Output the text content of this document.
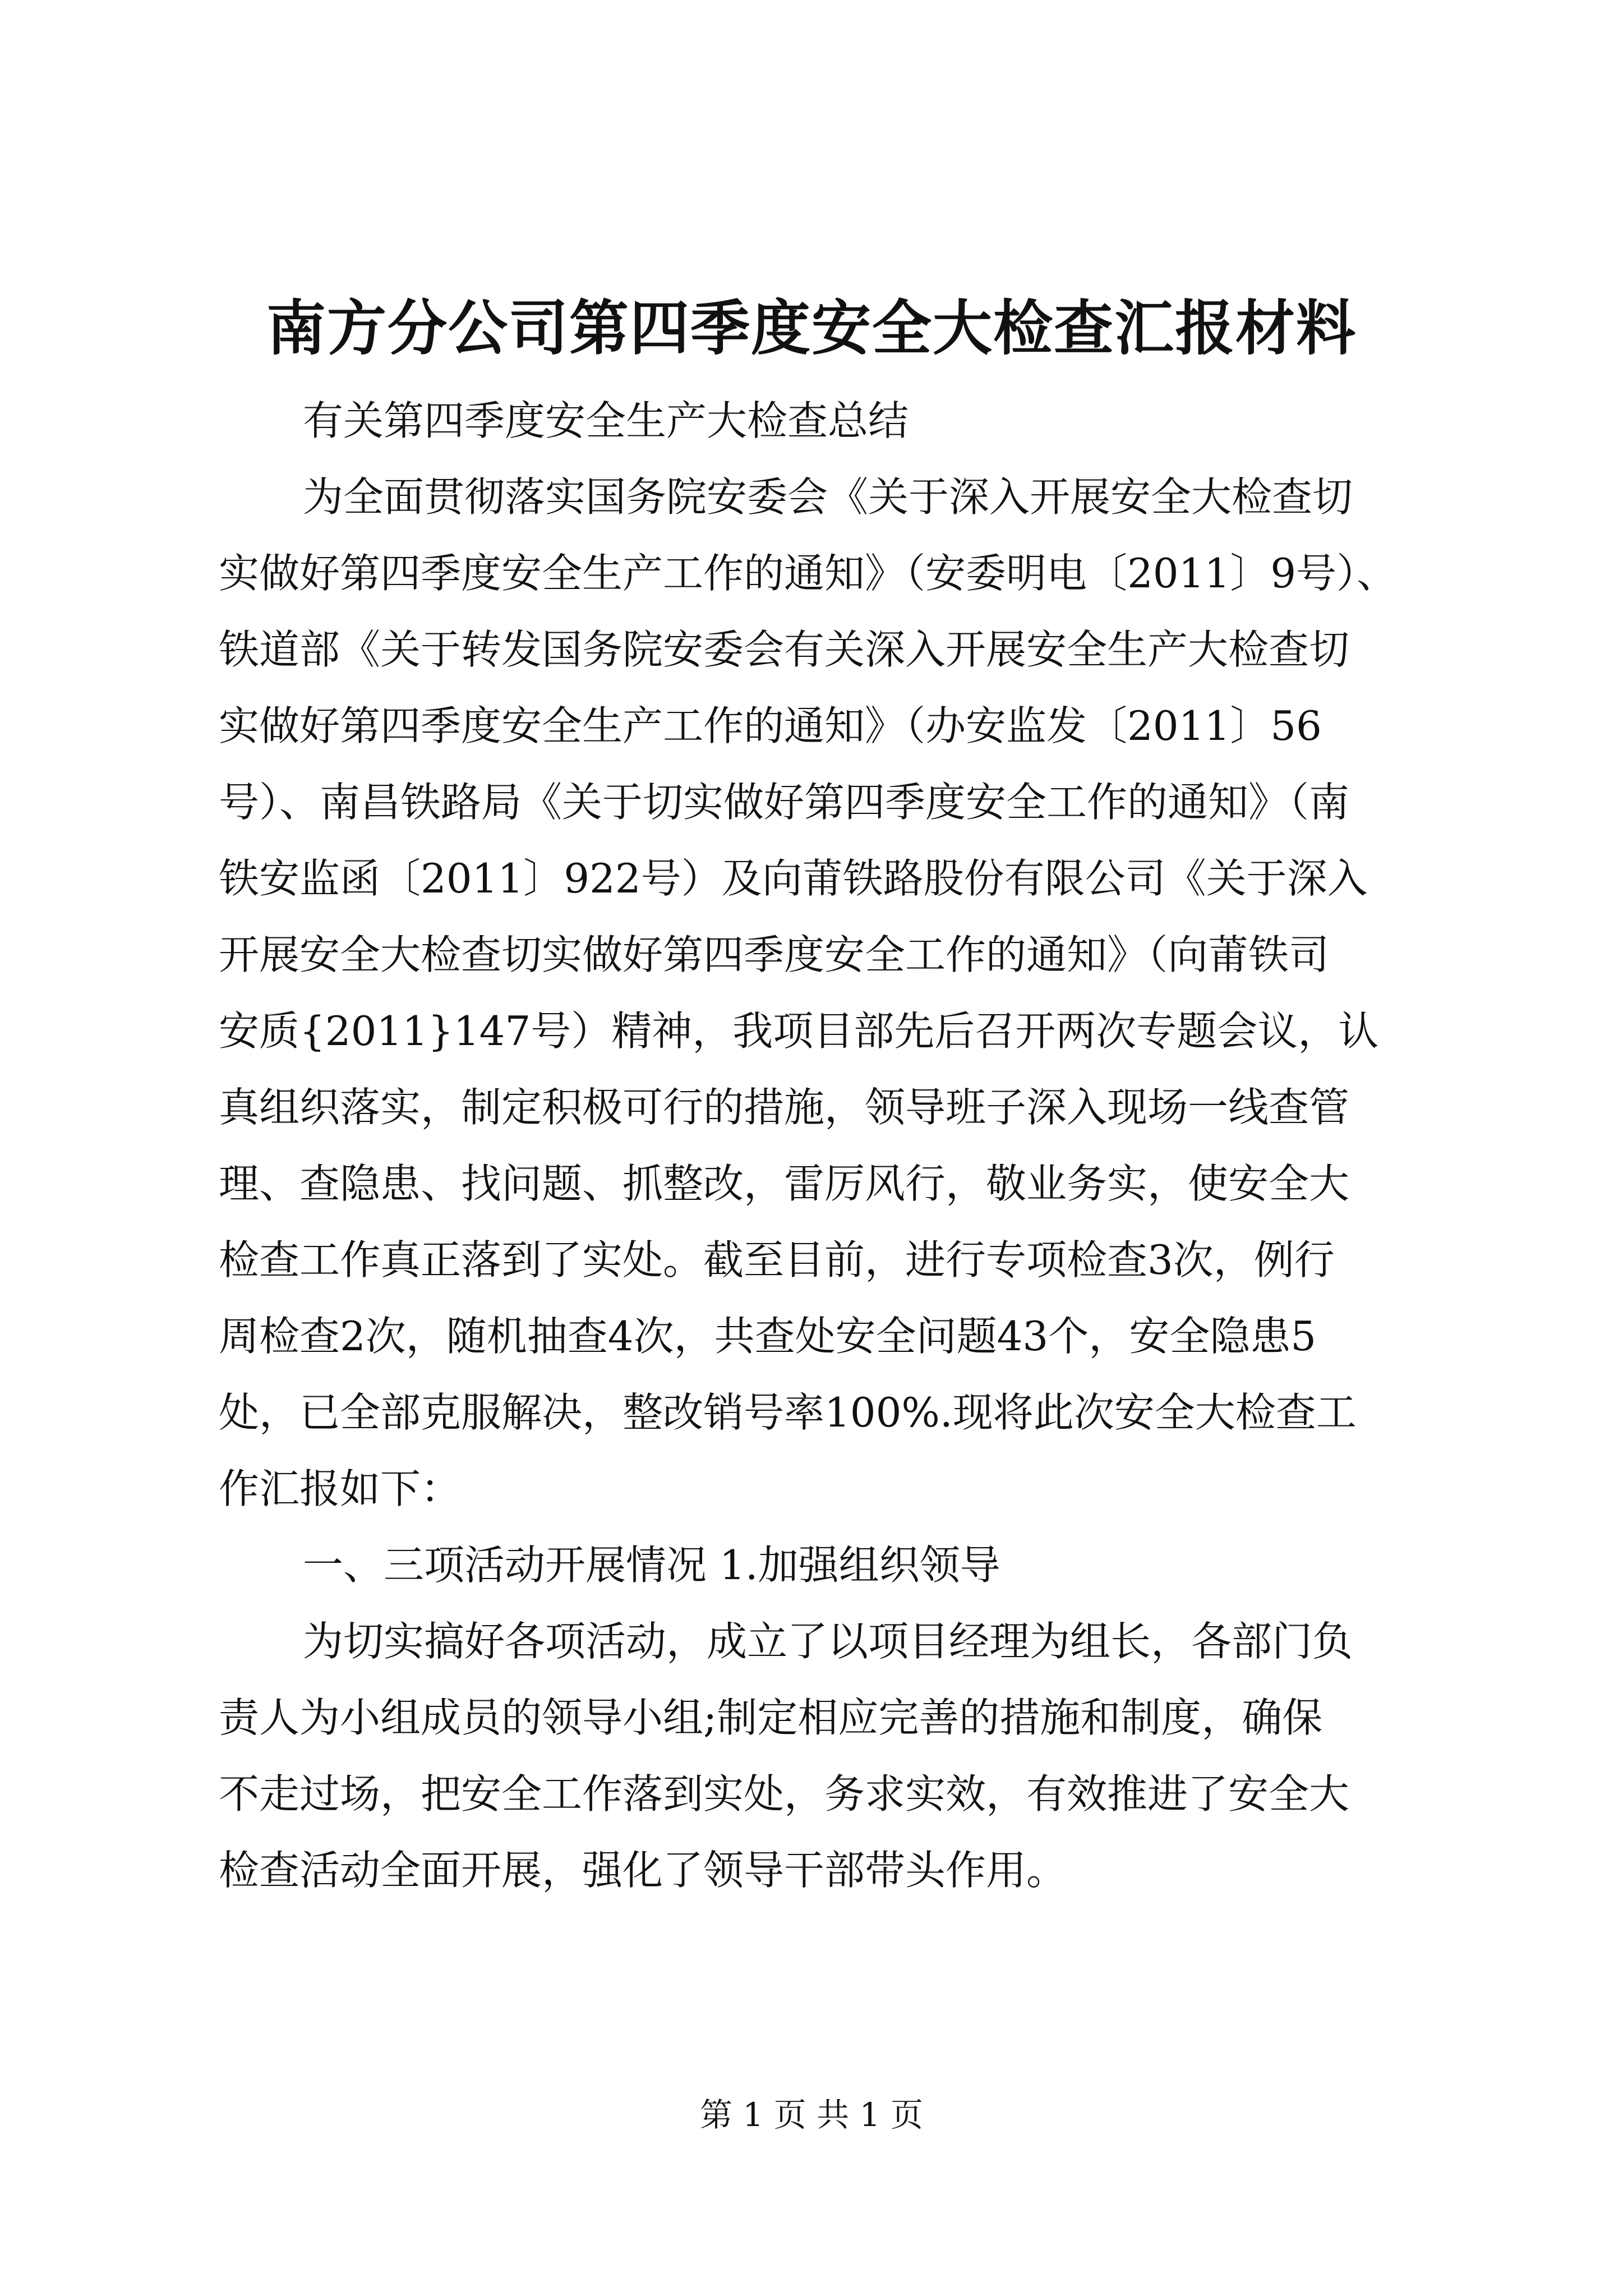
南方分公司第四季度安全大检查汇报材料
有关第四季度安全生产大检查总结
为全面贯彻落实国务院安委会《关于深入开展安全大检查切
实做好第四季度安全生产工作的通知》（安委明电〔2011〕9号）、
铁道部《关于转发国务院安委会有关深入开展安全生产大检查切
实做好第四季度安全生产工作的通知》（办安监发〔2011〕56
号）、南昌铁路局《关于切实做好第四季度安全工作的通知》（南
铁安监函〔2011〕922号）及向莆铁路股份有限公司《关于深入
开展安全大检查切实做好第四季度安全工作的通知》（向莆铁司
安质{2011}147号）精神，我项目部先后召开两次专题会议，认
真组织落实，制定积极可行的措施，领导班子深入现场一线查管
理、查隐患、找问题、抓整改，雷厉风行，敬业务实，使安全大
检查工作真正落到了实处。截至目前，进行专项检查3次，例行
周检查2次，随机抽查4次，共查处安全问题43个，安全隐患5
处，已全部克服解决，整改销号率100%.现将此次安全大检查工
作汇报如下：
一、三项活动开展情况 1.加强组织领导
为切实搞好各项活动，成立了以项目经理为组长，各部门负
责人为小组成员的领导小组;制定相应完善的措施和制度，确保
不走过场，把安全工作落到实处，务求实效，有效推进了安全大
检查活动全面开展，强化了领导干部带头作用。
第 1 页 共 1 页
